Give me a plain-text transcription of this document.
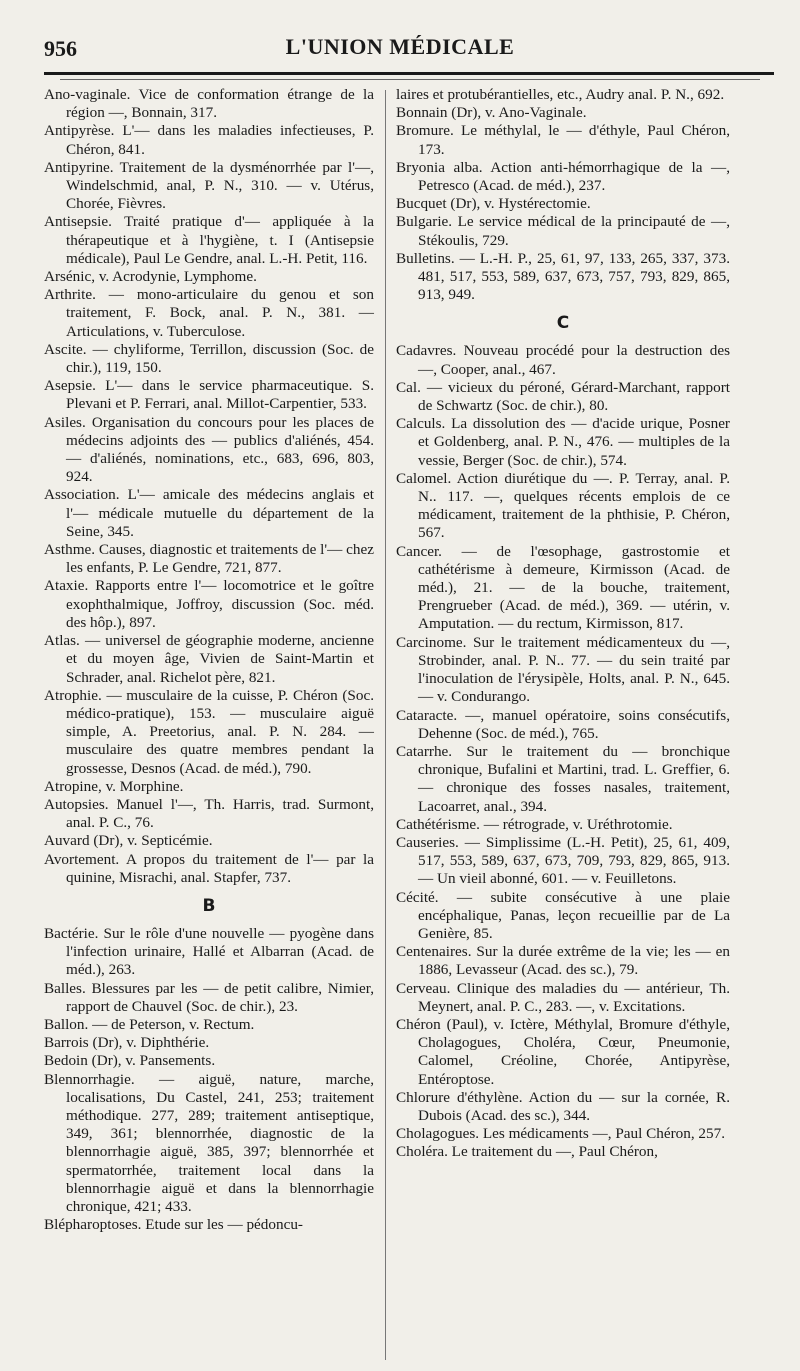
956	L'UNION MÉDICALE

Ano-vaginale. Vice de conformation étrange de la région —, Bonnain, 317.

Antipyrèse. L'— dans les maladies infectieuses, P. Chéron, 841.

Antipyrine. Traitement de la dysménorrhée par l'—, Windelschmid, anal, P. N., 310. — v. Utérus, Chorée, Fièvres.

Antisepsie. Traité pratique d'— appliquée à la thérapeutique et à l'hygiène, t. I (Antisepsie médicale), Paul Le Gendre, anal. L.-H. Petit, 116.

Arsénic, v. Acrodynie, Lymphome.

Arthrite. — mono-articulaire du genou et son traitement, F. Bock, anal. P. N., 381. — Articulations, v. Tuberculose.

Ascite. — chyliforme, Terrillon, discussion (Soc. de chir.), 119, 150.

Asepsie. L'— dans le service pharmaceutique. S. Plevani et P. Ferrari, anal. Millot-Carpentier, 533.

Asiles. Organisation du concours pour les places de médecins adjoints des — publics d'aliénés, 454. — d'aliénés, nominations, etc., 683, 696, 803, 924.

Association. L'— amicale des médecins anglais et l'— médicale mutuelle du département de la Seine, 345.

Asthme. Causes, diagnostic et traitements de l'— chez les enfants, P. Le Gendre, 721, 877.

Ataxie. Rapports entre l'— locomotrice et le goître exophthalmique, Joffroy, discussion (Soc. méd. des hôp.), 897.

Atlas. — universel de géographie moderne, ancienne et du moyen âge, Vivien de Saint-Martin et Schrader, anal. Richelot père, 821.

Atrophie. — musculaire de la cuisse, P. Chéron (Soc. médico-pratique), 153. — musculaire aiguë simple, A. Preetorius, anal. P. N. 284. — musculaire des quatre membres pendant la grossesse, Desnos (Acad. de méd.), 790.

Atropine, v. Morphine.

Autopsies. Manuel l'—, Th. Harris, trad. Surmont, anal. P. C., 76.

Auvard (Dr), v. Septicémie.

Avortement. A propos du traitement de l'— par la quinine, Misrachi, anal. Stapfer, 737.

B

Bactérie. Sur le rôle d'une nouvelle — pyogène dans l'infection urinaire, Hallé et Albarran (Acad. de méd.), 263.

Balles. Blessures par les — de petit calibre, Nimier, rapport de Chauvel (Soc. de chir.), 23.

Ballon. — de Peterson, v. Rectum.

Barrois (Dr), v. Diphthérie.

Bedoin (Dr), v. Pansements.

Blennorrhagie. — aiguë, nature, marche, localisations, Du Castel, 241, 253; traitement méthodique. 277, 289; traitement antiseptique, 349, 361; blennorrhée, diagnostic de la blennorrhagie aiguë, 385, 397; blennorrhée et spermatorrhée, traitement local dans la blennorrhagie aiguë et dans la blennorrhagie chronique, 421; 433.

Blépharoptoses. Etude sur les — pédoncu-

laires et protubérantielles, etc., Audry anal. P. N., 692.

Bonnain (Dr), v. Ano-Vaginale.

Bromure. Le méthylal, le — d'éthyle, Paul Chéron, 173.

Bryonia alba. Action anti-hémorrhagique de la —, Petresco (Acad. de méd.), 237.

Bucquet (Dr), v. Hystérectomie.

Bulgarie. Le service médical de la principauté de —, Stékoulis, 729.

Bulletins. — L.-H. P., 25, 61, 97, 133, 265, 337, 373. 481, 517, 553, 589, 637, 673, 757, 793, 829, 865, 913, 949.

C

Cadavres. Nouveau procédé pour la destruction des —, Cooper, anal., 467.

Cal. — vicieux du péroné, Gérard-Marchant, rapport de Schwartz (Soc. de chir.), 80.

Calculs. La dissolution des — d'acide urique, Posner et Goldenberg, anal. P. N., 476. — multiples de la vessie, Berger (Soc. de chir.), 574.

Calomel. Action diurétique du —. P. Terray, anal. P. N.. 117. —, quelques récents emplois de ce médicament, traitement de la phthisie, P. Chéron, 567.

Cancer. — de l'œsophage, gastrostomie et cathétérisme à demeure, Kirmisson (Acad. de méd.), 21. — de la bouche, traitement, Prengrueber (Acad. de méd.), 369. — utérin, v. Amputation. — du rectum, Kirmisson, 817.

Carcinome. Sur le traitement médicamenteux du —, Strobinder, anal. P. N.. 77. — du sein traité par l'inoculation de l'érysipèle, Holts, anal. P. N., 645. — v. Condurango.

Cataracte. —, manuel opératoire, soins consécutifs, Dehenne (Soc. de méd.), 765.

Catarrhe. Sur le traitement du — bronchique chronique, Bufalini et Martini, trad. L. Greffier, 6. — chronique des fosses nasales, traitement, Lacoarret, anal., 394.

Cathétérisme. — rétrograde, v. Uréthrotomie.

Causeries. — Simplissime (L.-H. Petit), 25, 61, 409, 517, 553, 589, 637, 673, 709, 793, 829, 865, 913. — Un vieil abonné, 601. — v. Feuilletons.

Cécité. — subite consécutive à une plaie encéphalique, Panas, leçon recueillie par de La Genière, 85.

Centenaires. Sur la durée extrême de la vie; les — en 1886, Levasseur (Acad. des sc.), 79.

Cerveau. Clinique des maladies du — antérieur, Th. Meynert, anal. P. C., 283. —, v. Excitations.

Chéron (Paul), v. Ictère, Méthylal, Bromure d'éthyle, Cholagogues, Choléra, Cœur, Pneumonie, Calomel, Créoline, Chorée, Antipyrèse, Entéroptose.

Chlorure d'éthylène. Action du — sur la cornée, R. Dubois (Acad. des sc.), 344.

Cholagogues. Les médicaments —, Paul Chéron, 257.

Choléra. Le traitement du —, Paul Chéron,
